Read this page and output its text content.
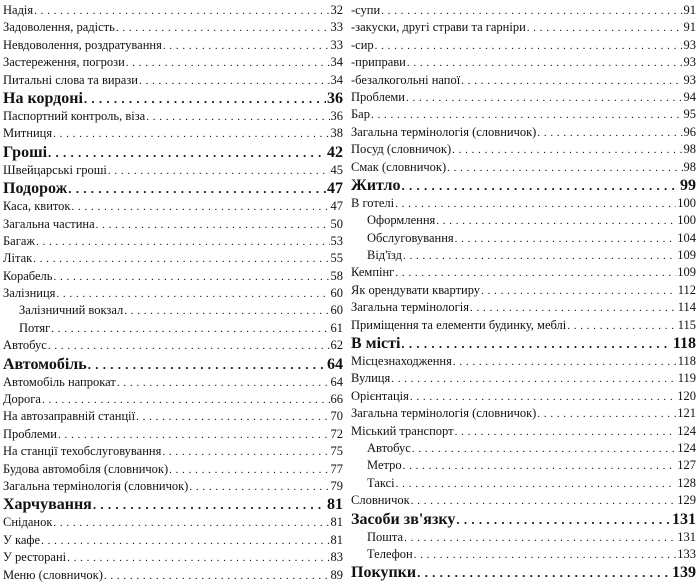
Надія . . .	32
Задоволення, радість . . .	33
Невдоволення, роздратування . . .	33
Застереження, погрози . . .	34
Питальні слова та вирази . . .	34
На кордоні . . .	36
Паспортний контроль, віза . . .	36
Митниця . . .	38
Гроші . . .	42
Швейцарські гроші . . .	45
Подорож . . .	47
Каса, квиток . . .	47
Загальна частина . . .	50
Багаж . . .	53
Літак . . .	55
Корабель . . .	58
Залізниця . . .	60
Залізничний вокзал . . .	60
Потяг . . .	61
Автобус . . .	62
Автомобіль . . .	64
Автомобіль напрокат . . .	64
Дорога . . .	66
На автозаправній станції . . .	70
Проблеми . . .	72
На станції техобслуговування . . .	75
Будова автомобіля (словничок) . . .	77
Загальна термінологія (словничок) . . .	79
Харчування . . .	81
Сніданок . . .	81
У кафе . . .	81
У ресторані . . .	83
Меню (словничок) . . .	89
-супи . . .	91
-закуски, другі страви та гарніри . . .	91
-сир . . .	93
-приправи . . .	93
-безалкогольні напої . . .	93
Проблеми . . .	94
Бар . . .	95
Загальна термінологія (словничок) . . .	96
Посуд (словничок) . . .	98
Смак (словничок) . . .	98
Житло . . .	99
В готелі . . .	100
Оформлення . . .	100
Обслуговування . . .	104
Від'їзд . . .	109
Кемпінг . . .	109
Як орендувати квартиру . . .	112
Загальна термінологія . . .	114
Приміщення та елементи будинку, меблі . . .	115
В місті . . .	118
Місцезнаходження . . .	118
Вулиця . . .	119
Орієнтація . . .	120
Загальна термінологія (словничок) . . .	121
Міський транспорт . . .	124
Автобус . . .	124
Метро . . .	127
Таксі . . .	128
Словничок . . .	129
Засоби зв'язку . . .	131
Пошта . . .	131
Телефон . . .	133
Покупки . . .	139
